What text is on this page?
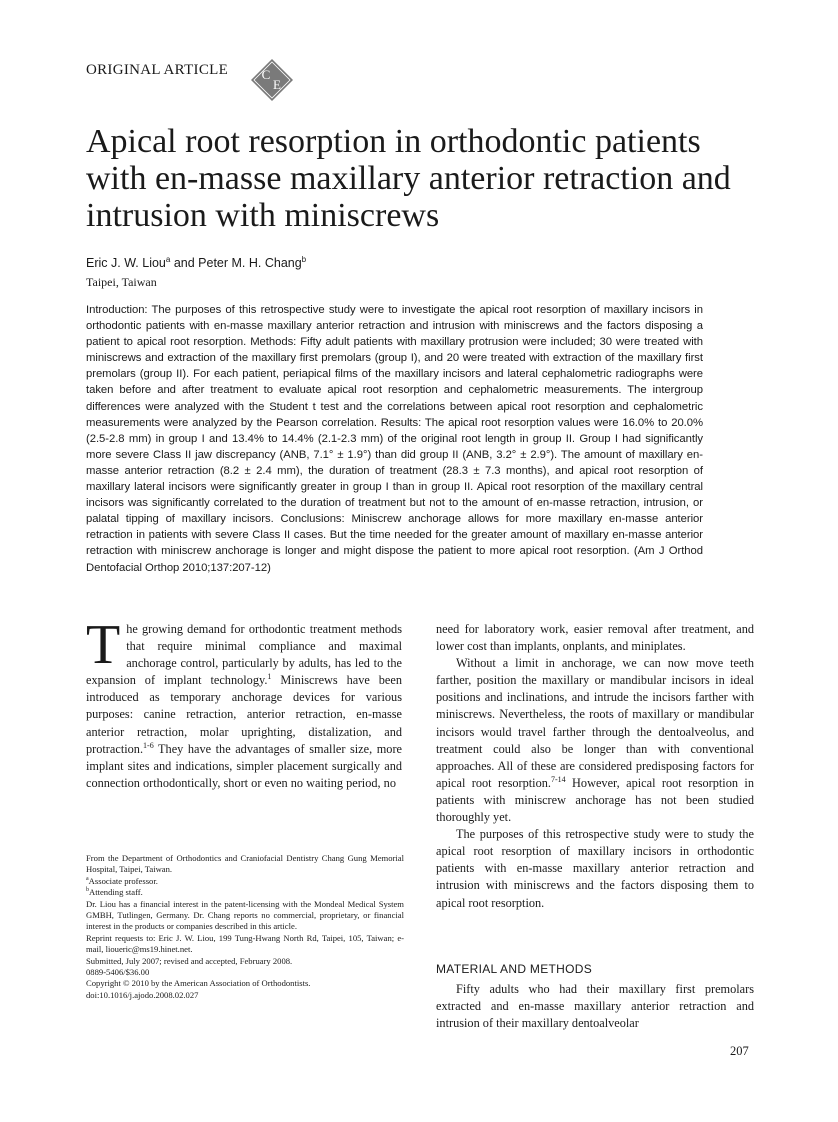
ORIGINAL ARTICLE	C
E
Apical root resorption in orthodontic patients with en-masse maxillary anterior retraction and intrusion with miniscrews
Eric J. W. Liou$^a$ and Peter M. H. Chang$^b$
Taipei, Taiwan
Introduction: The purposes of this retrospective study were to investigate the apical root resorption of maxillary incisors in orthodontic patients with en-masse maxillary anterior retraction and intrusion with miniscrews and the factors disposing a patient to apical root resorption. Methods: Fifty adult patients with maxillary protrusion were included; 30 were treated with miniscrews and extraction of the maxillary first premolars (group I), and 20 were treated with extraction of the maxillary first premolars (group II). For each patient, periapical films of the maxillary incisors and lateral cephalometric radiographs were taken before and after treatment to evaluate apical root resorption and cephalometric measurements. The intergroup differences were analyzed with the Student t test and the correlations between apical root resorption and cephalometric measurements were analyzed by the Pearson correlation. Results: The apical root resorption values were 16.0% to 20.0% (2.5-2.8 mm) in group I and 13.4% to 14.4% (2.1-2.3 mm) of the original root length in group II. Group I had significantly more severe Class II jaw discrepancy (ANB, 7.1° ± 1.9°) than did group II (ANB, 3.2° ± 2.9°). The amount of maxillary en-masse anterior retraction (8.2 ± 2.4 mm), the duration of treatment (28.3 ± 7.3 months), and apical root resorption of maxillary lateral incisors were significantly greater in group I than in group II. Apical root resorption of the maxillary central incisors was significantly correlated to the duration of treatment but not to the amount of en-masse retraction, intrusion, or palatal tipping of maxillary incisors. Conclusions: Miniscrew anchorage allows for more maxillary en-masse anterior retraction in patients with severe Class II cases. But the time needed for the greater amount of maxillary en-masse anterior retraction with miniscrew anchorage is longer and might dispose the patient to more apical root resorption. (Am J Orthod Dentofacial Orthop 2010;137:207-12)

The growing demand for orthodontic treatment methods that require minimal compliance and maximal anchorage control, particularly by adults, has led to the expansion of implant technology.$^1$ Miniscrews have been introduced as temporary anchorage devices for various purposes: canine retraction, anterior retraction, en-masse anterior retraction, molar uprighting, distalization, and protraction.$^{1-6}$ They have the advantages of smaller size, more implant sites and indications, simpler placement surgically and connection orthodontically, short or even no waiting period, no

need for laboratory work, easier removal after treatment, and lower cost than implants, onplants, and miniplates.

Without a limit in anchorage, we can now move teeth farther, position the maxillary or mandibular incisors in ideal positions and inclinations, and intrude the incisors farther with miniscrews. Nevertheless, the roots of maxillary or mandibular incisors would travel farther through the dentoalveolus, and treatment could also be longer than with conventional approaches. All of these are considered predisposing factors for apical root resorption.$^{7-14}$ However, apical root resorption in patients with miniscrew anchorage has not been studied thoroughly yet.

The purposes of this retrospective study were to study the apical root resorption of maxillary incisors in orthodontic patients with en-masse maxillary anterior retraction and intrusion with miniscrews and the factors disposing them to apical root resorption.

MATERIAL AND METHODS

Fifty adults who had their maxillary first premolars extracted and en-masse maxillary anterior retraction and intrusion of their maxillary dentoalveolar

From the Department of Orthodontics and Craniofacial Dentistry Chang Gung Memorial Hospital, Taipei, Taiwan.

$^a$Associate professor.

$^b$Attending staff.

Dr. Liou has a financial interest in the patent-licensing with the Mondeal Medical System GMBH, Tutlingen, Germany. Dr. Chang reports no commercial, proprietary, or financial interest in the products or companies described in this article.

Reprint requests to: Eric J. W. Liou, 199 Tung-Hwang North Rd, Taipei, 105, Taiwan; e-mail, lioueric@ms19.hinet.net.

Submitted, July 2007; revised and accepted, February 2008.

0889-5406/$36.00

Copyright © 2010 by the American Association of Orthodontists.

doi:10.1016/j.ajodo.2008.02.027

207
